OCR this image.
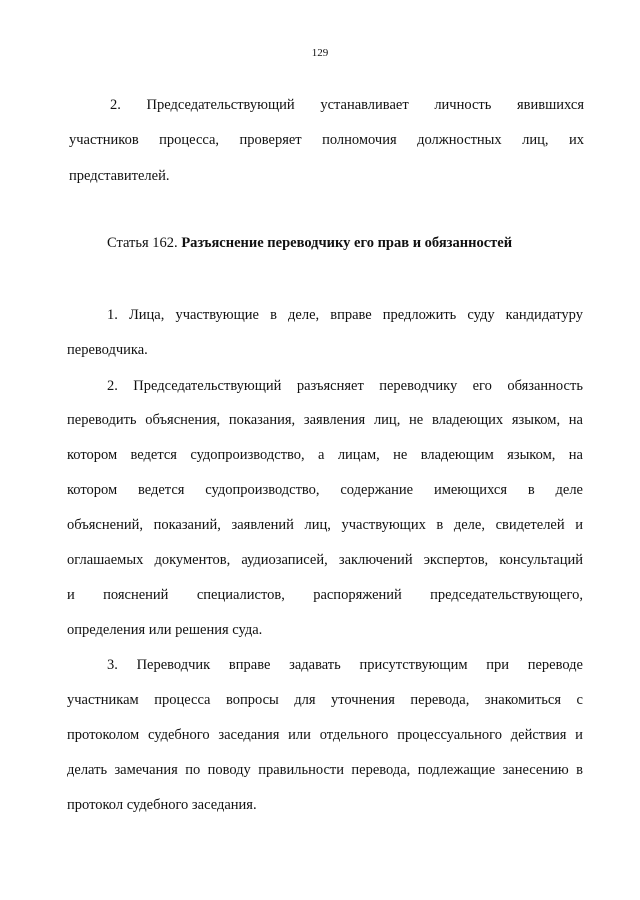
129
2. Председательствующий устанавливает личность явившихся
участников процесса, проверяет полномочия должностных лиц, их
представителей.
Статья 162. Разъяснение переводчику его прав и обязанностей
1. Лица, участвующие в деле, вправе предложить суду кандидатуру
переводчика.
2. Председательствующий разъясняет переводчику его обязанность
переводить объяснения, показания, заявления лиц, не владеющих языком, на
котором ведется судопроизводство, а лицам, не владеющим языком, на
котором ведется судопроизводство, содержание имеющихся в деле
объяснений, показаний, заявлений лиц, участвующих в деле, свидетелей и
оглашаемых документов, аудиозаписей, заключений экспертов, консультаций
и пояснений специалистов, распоряжений председательствующего,
определения или решения суда.
3. Переводчик вправе задавать присутствующим при переводе
участникам процесса вопросы для уточнения перевода, знакомиться с
протоколом судебного заседания или отдельного процессуального действия и
делать замечания по поводу правильности перевода, подлежащие занесению в
протокол судебного заседания.
